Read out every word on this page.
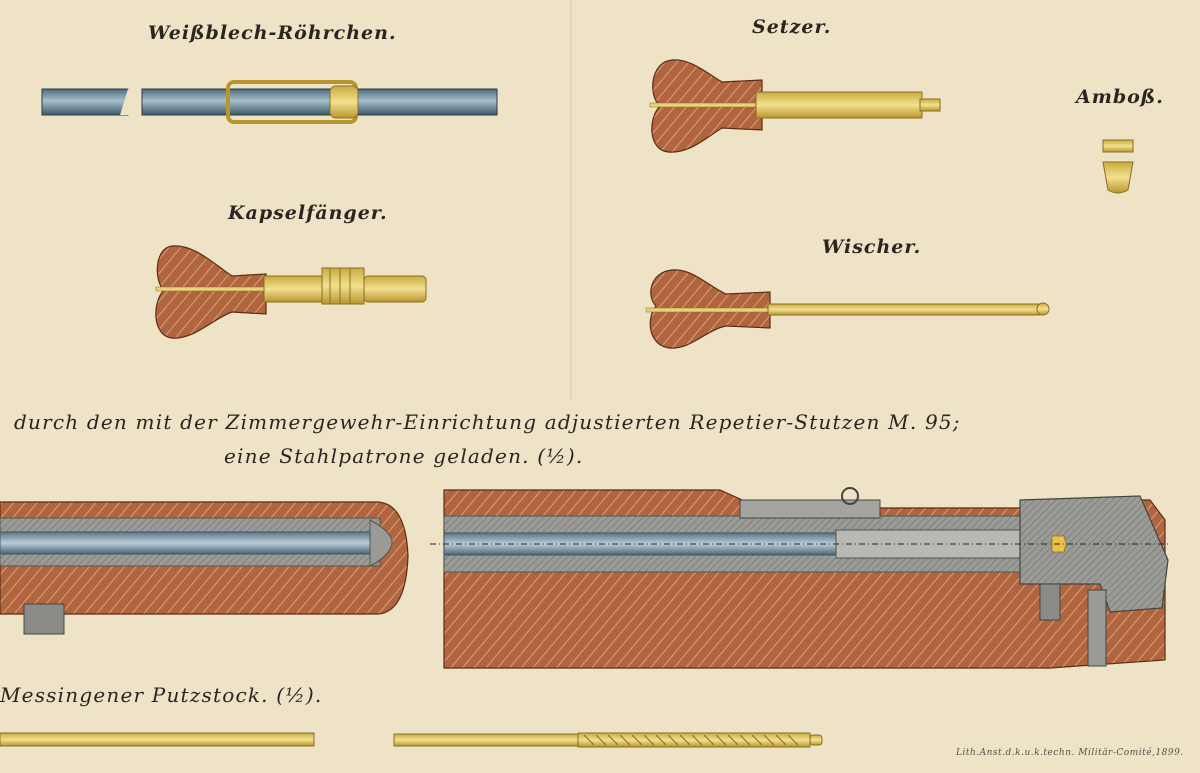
Weißblech-Röhrchen.	Setzer.
Amboß.
Kapselfänger.
Wischer.
durch den mit der Zimmergewehr-Einrichtung adjustierten Repetier-Stutzen M. 95;
eine Stahlpatrone geladen. (½).
Messingener Putzstock. (½).
Lith.Anst.d.k.u.k.techn. Militär-Comité,1899.
